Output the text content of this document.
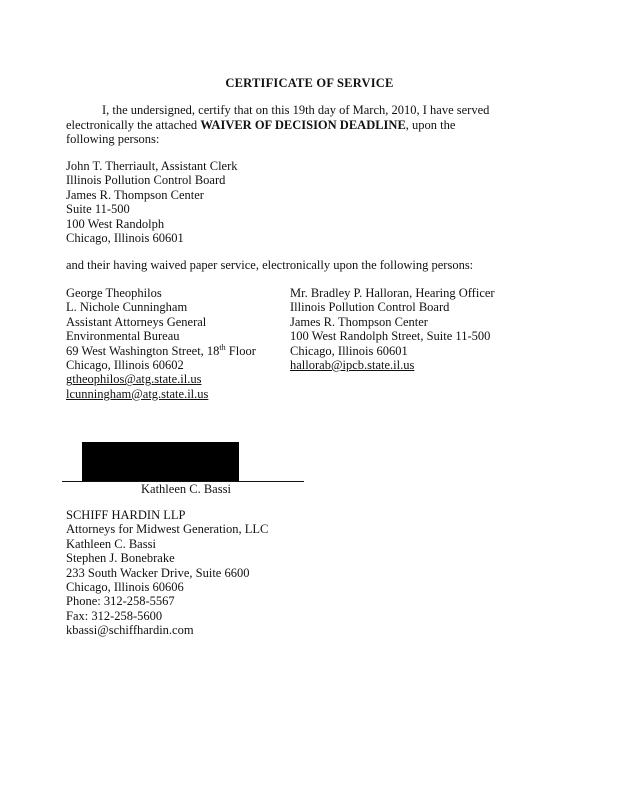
CERTIFICATE OF SERVICE
I, the undersigned, certify that on this 19th day of March, 2010, I have served electronically the attached WAIVER OF DECISION DEADLINE, upon the following persons:
John T. Therriault, Assistant Clerk
Illinois Pollution Control Board
James R. Thompson Center
Suite 11-500
100 West Randolph
Chicago, Illinois 60601
and their having waived paper service, electronically upon the following persons:
George Theophilos
L. Nichole Cunningham
Assistant Attorneys General
Environmental Bureau
69 West Washington Street, 18th Floor
Chicago, Illinois 60602
gtheophilos@atg.state.il.us
lcunningham@atg.state.il.us
Mr. Bradley P. Halloran, Hearing Officer
Illinois Pollution Control Board
James R. Thompson Center
100 West Randolph Street, Suite 11-500
Chicago, Illinois 60601
hallorab@ipcb.state.il.us
Kathleen C. Bassi
SCHIFF HARDIN LLP
Attorneys for Midwest Generation, LLC
Kathleen C. Bassi
Stephen J. Bonebrake
233 South Wacker Drive, Suite 6600
Chicago, Illinois 60606
Phone: 312-258-5567
Fax: 312-258-5600
kbassi@schiffhardin.com
